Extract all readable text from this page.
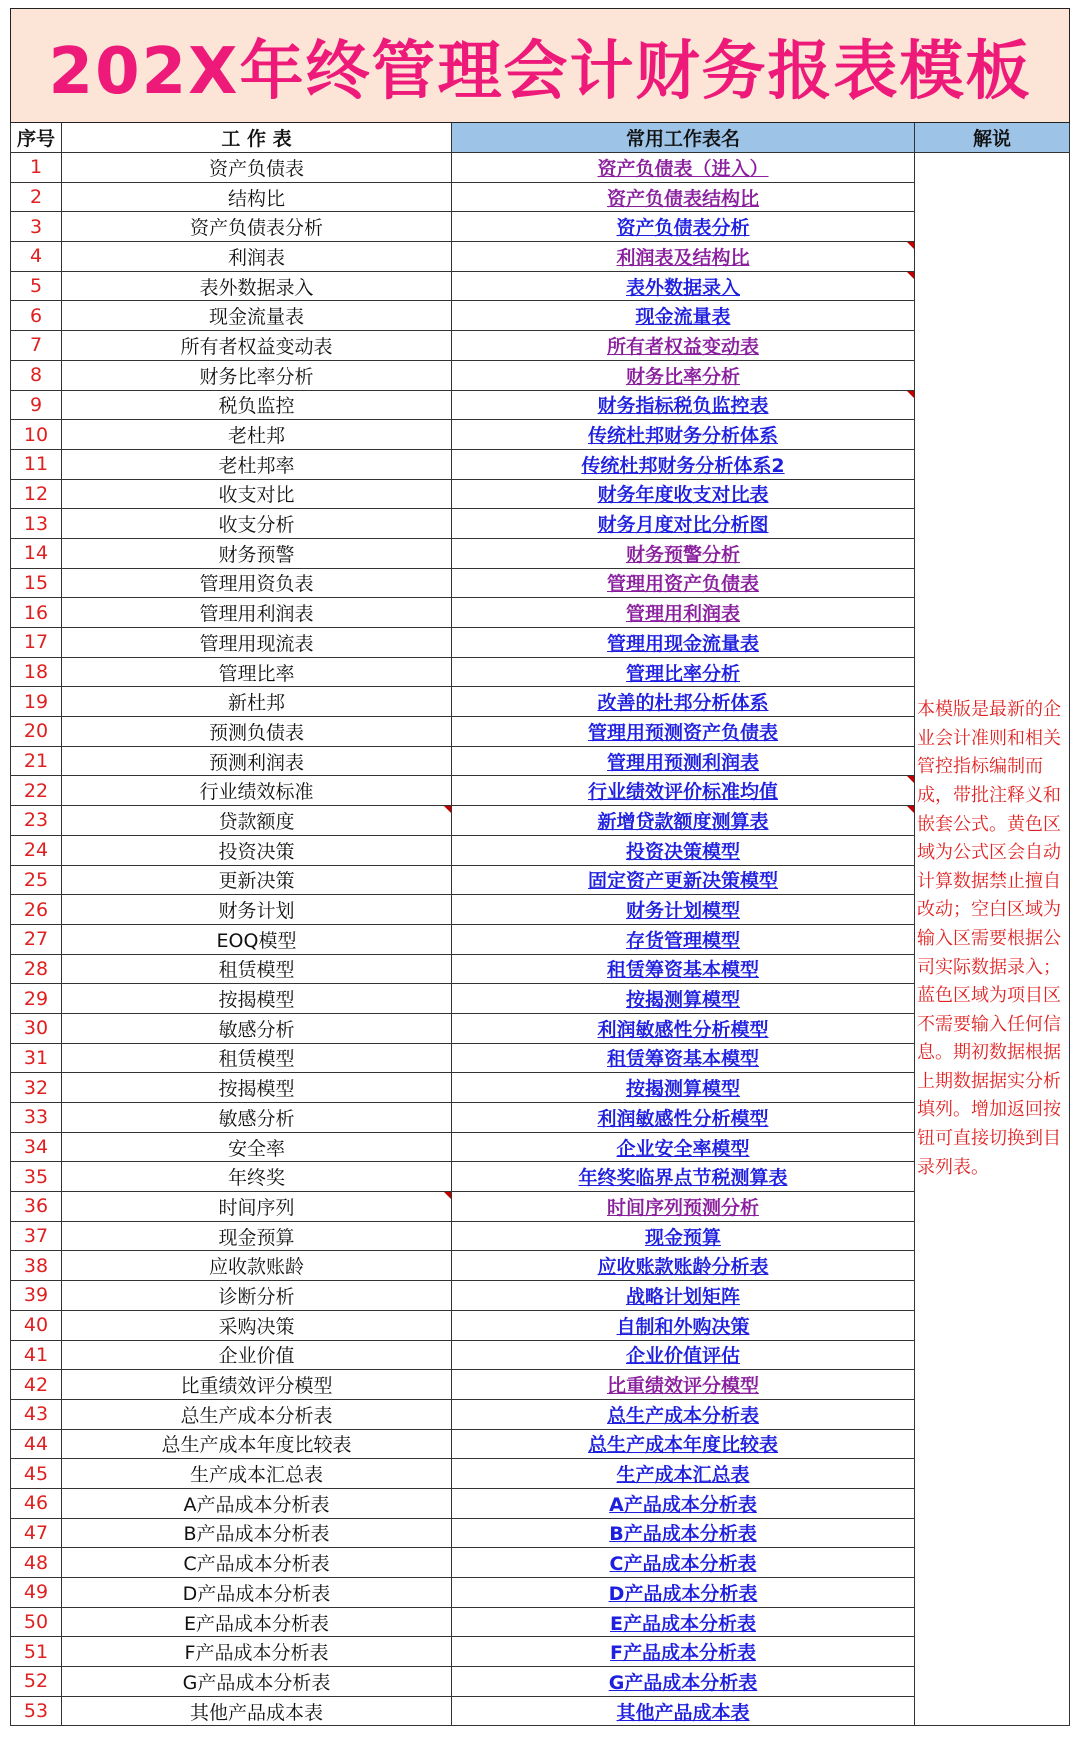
202X年终管理会计财务报表模板
序号	工 作 表	常用工作表名	解说
本模版是最新的企业会计准则和相关管控指标编制而成，带批注释义和嵌套公式。黄色区域为公式区会自动计算数据禁止擅自改动；空白区域为输入区需要根据公司实际数据录入；蓝色区域为项目区不需要输入任何信息。期初数据根据上期数据据实分析填列。增加返回按钮可直接切换到目录列表。
1	资产负债表	资产负债表（进入）
2	结构比	资产负债表结构比
3	资产负债表分析	资产负债表分析
4	利润表	利润表及结构比
5	表外数据录入	表外数据录入
6	现金流量表	现金流量表
7	所有者权益变动表	所有者权益变动表
8	财务比率分析	财务比率分析
9	税负监控	财务指标税负监控表
10	老杜邦	传统杜邦财务分析体系
11	老杜邦率	传统杜邦财务分析体系2
12	收支对比	财务年度收支对比表
13	收支分析	财务月度对比分析图
14	财务预警	财务预警分析
15	管理用资负表	管理用资产负债表
16	管理用利润表	管理用利润表
17	管理用现流表	管理用现金流量表
18	管理比率	管理比率分析
19	新杜邦	改善的杜邦分析体系
20	预测负债表	管理用预测资产负债表
21	预测利润表	管理用预测利润表
22	行业绩效标准	行业绩效评价标准均值
23	贷款额度	新增贷款额度测算表
24	投资决策	投资决策模型
25	更新决策	固定资产更新决策模型
26	财务计划	财务计划模型
27	EOQ模型	存货管理模型
28	租赁模型	租赁筹资基本模型
29	按揭模型	按揭测算模型
30	敏感分析	利润敏感性分析模型
31	租赁模型	租赁筹资基本模型
32	按揭模型	按揭测算模型
33	敏感分析	利润敏感性分析模型
34	安全率	企业安全率模型
35	年终奖	年终奖临界点节税测算表
36	时间序列	时间序列预测分析
37	现金预算	现金预算
38	应收款账龄	应收账款账龄分析表
39	诊断分析	战略计划矩阵
40	采购决策	自制和外购决策
41	企业价值	企业价值评估
42	比重绩效评分模型	比重绩效评分模型
43	总生产成本分析表	总生产成本分析表
44	总生产成本年度比较表	总生产成本年度比较表
45	生产成本汇总表	生产成本汇总表
46	A产品成本分析表	A产品成本分析表
47	B产品成本分析表	B产品成本分析表
48	C产品成本分析表	C产品成本分析表
49	D产品成本分析表	D产品成本分析表
50	E产品成本分析表	E产品成本分析表
51	F产品成本分析表	F产品成本分析表
52	G产品成本分析表	G产品成本分析表
53	其他产品成本表	其他产品成本表
